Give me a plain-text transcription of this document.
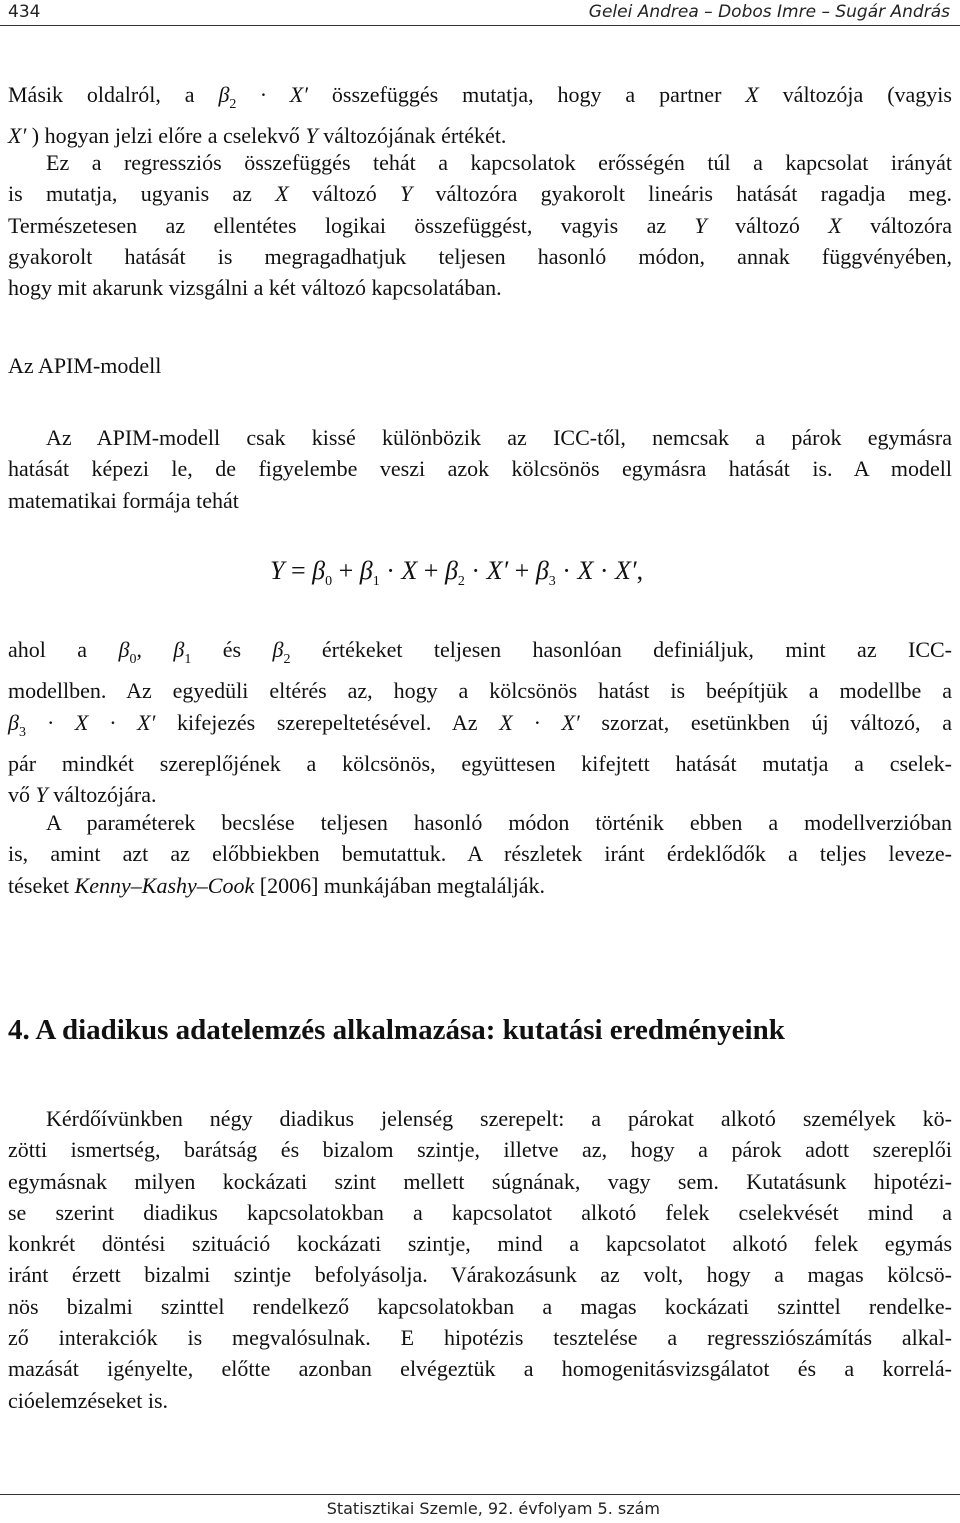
434	Gelei Andrea – Dobos Imre – Sugár András
Másik oldalról, a $\beta_2 \cdot X'$ összefüggés mutatja, hogy a partner X változója (vagyis
X′ ) hogyan jelzi előre a cselekvő Y változójának értékét.
Ez a regressziós összefüggés tehát a kapcsolatok erősségén túl a kapcsolat irányát
is mutatja, ugyanis az X változó Y változóra gyakorolt lineáris hatását ragadja meg.
Természetesen az ellentétes logikai összefüggést, vagyis az Y változó X változóra
gyakorolt hatását is megragadhatjuk teljesen hasonló módon, annak függvényében,
hogy mit akarunk vizsgálni a két változó kapcsolatában.
Az APIM-modell
Az APIM-modell csak kissé különbözik az ICC-től, nemcsak a párok egymásra
hatását képezi le, de figyelembe veszi azok kölcsönös egymásra hatását is. A modell
matematikai formája tehát
$Y = \beta_0 + \beta_1 \cdot X + \beta_2 \cdot X' + \beta_3 \cdot X \cdot X'$,
ahol a $\beta_0$, $\beta_1$ és $\beta_2$ értékeket teljesen hasonlóan definiáljuk, mint az ICC-
modellben. Az egyedüli eltérés az, hogy a kölcsönös hatást is beépítjük a modellbe a
$\beta_3 \cdot X \cdot X'$ kifejezés szerepeltetésével. Az X · X′ szorzat, esetünkben új változó, a
pár mindkét szereplőjének a kölcsönös, együttesen kifejtett hatását mutatja a cselek-
vő Y változójára.
A paraméterek becslése teljesen hasonló módon történik ebben a modellverzióban
is, amint azt az előbbiekben bemutattuk. A részletek iránt érdeklődők a teljes leveze-
téseket Kenny–Kashy–Cook [2006] munkájában megtalálják.
4. A diadikus adatelemzés alkalmazása: kutatási eredményeink
Kérdőívünkben négy diadikus jelenség szerepelt: a párokat alkotó személyek kö-
zötti ismertség, barátság és bizalom szintje, illetve az, hogy a párok adott szereplői
egymásnak milyen kockázati szint mellett súgnának, vagy sem. Kutatásunk hipotézi-
se szerint diadikus kapcsolatokban a kapcsolatot alkotó felek cselekvését mind a
konkrét döntési szituáció kockázati szintje, mind a kapcsolatot alkotó felek egymás
iránt érzett bizalmi szintje befolyásolja. Várakozásunk az volt, hogy a magas kölcsö-
nös bizalmi szinttel rendelkező kapcsolatokban a magas kockázati szinttel rendelke-
ző interakciók is megvalósulnak. E hipotézis tesztelése a regressziószámítás alkal-
mazását igényelte, előtte azonban elvégeztük a homogenitásvizsgálatot és a korrelá-
cióelemzéseket is.
Statisztikai Szemle, 92. évfolyam 5. szám
